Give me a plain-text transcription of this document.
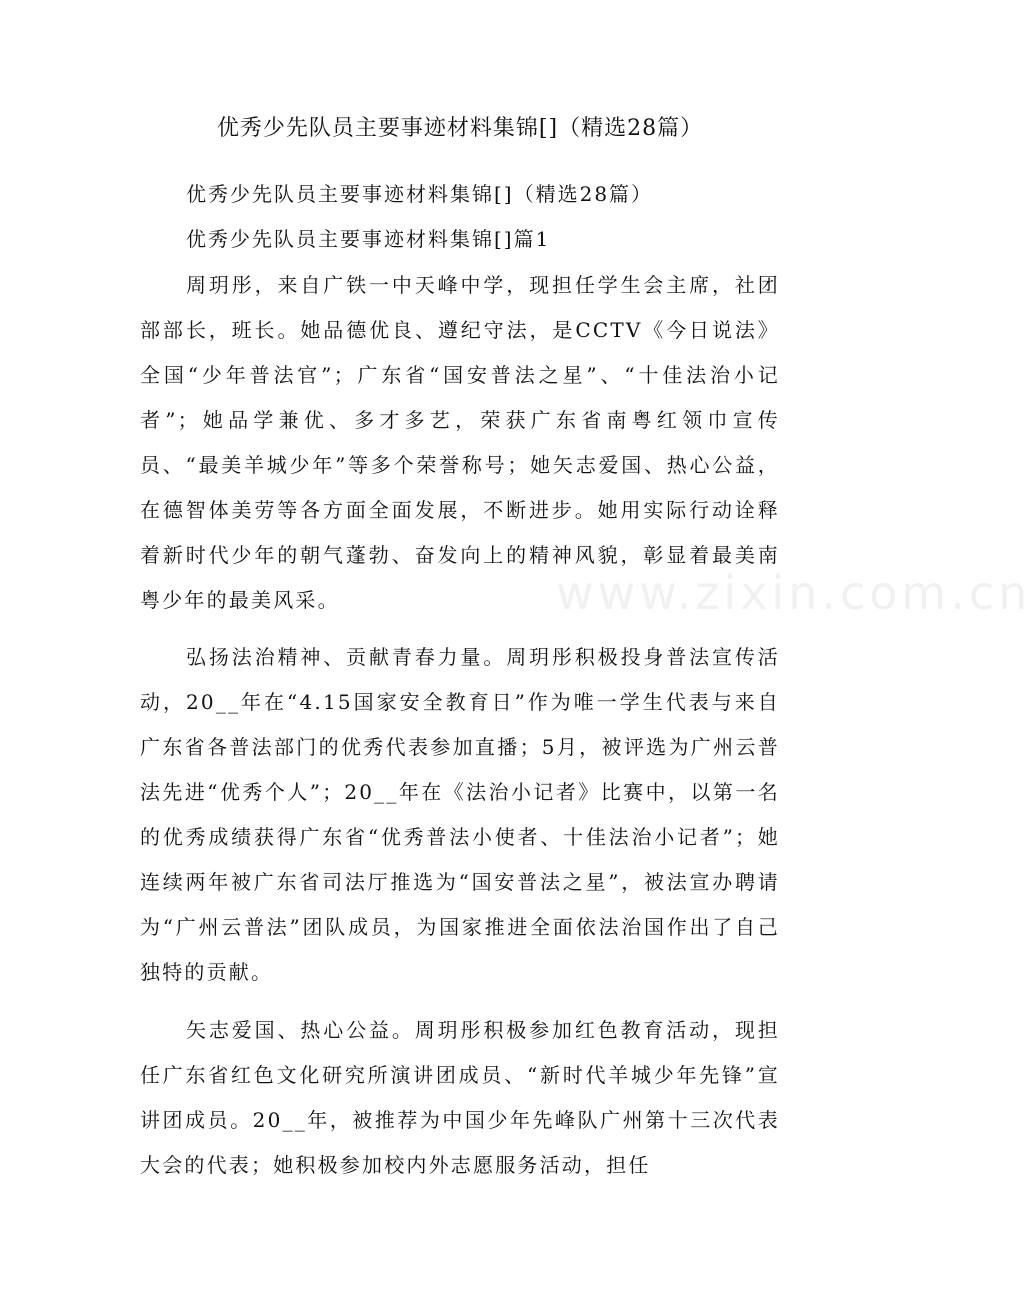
优秀少先队员主要事迹材料集锦[]（精选28篇）

优秀少先队员主要事迹材料集锦[]（精选28篇）

优秀少先队员主要事迹材料集锦[]篇1

周玥彤，来自广铁一中天峰中学，现担任学生会主席，社团部部长，班长。她品德优良、遵纪守法，是CCTV《今日说法》全国“少年普法官”；广东省“国安普法之星”、“十佳法治小记者”；她品学兼优、多才多艺，荣获广东省南粤红领巾宣传员、“最美羊城少年”等多个荣誉称号；她矢志爱国、热心公益，在德智体美劳等各方面全面发展，不断进步。她用实际行动诠释着新时代少年的朝气蓬勃、奋发向上的精神风貌，彰显着最美南粤少年的最美风采。

弘扬法治精神、贡献青春力量。周玥彤积极投身普法宣传活动，20__年在“4.15国家安全教育日”作为唯一学生代表与来自广东省各普法部门的优秀代表参加直播；5月，被评选为广州云普法先进“优秀个人”；20__年在《法治小记者》比赛中，以第一名的优秀成绩获得广东省“优秀普法小使者、十佳法治小记者”；她连续两年被广东省司法厅推选为“国安普法之星”，被法宣办聘请为“广州云普法”团队成员，为国家推进全面依法治国作出了自己独特的贡献。

矢志爱国、热心公益。周玥彤积极参加红色教育活动，现担任广东省红色文化研究所演讲团成员、“新时代羊城少年先锋”宣讲团成员。20__年，被推荐为中国少年先峰队广州第十三次代表大会的代表；她积极参加校内外志愿服务活动，担任

www.zixin.com.cn
